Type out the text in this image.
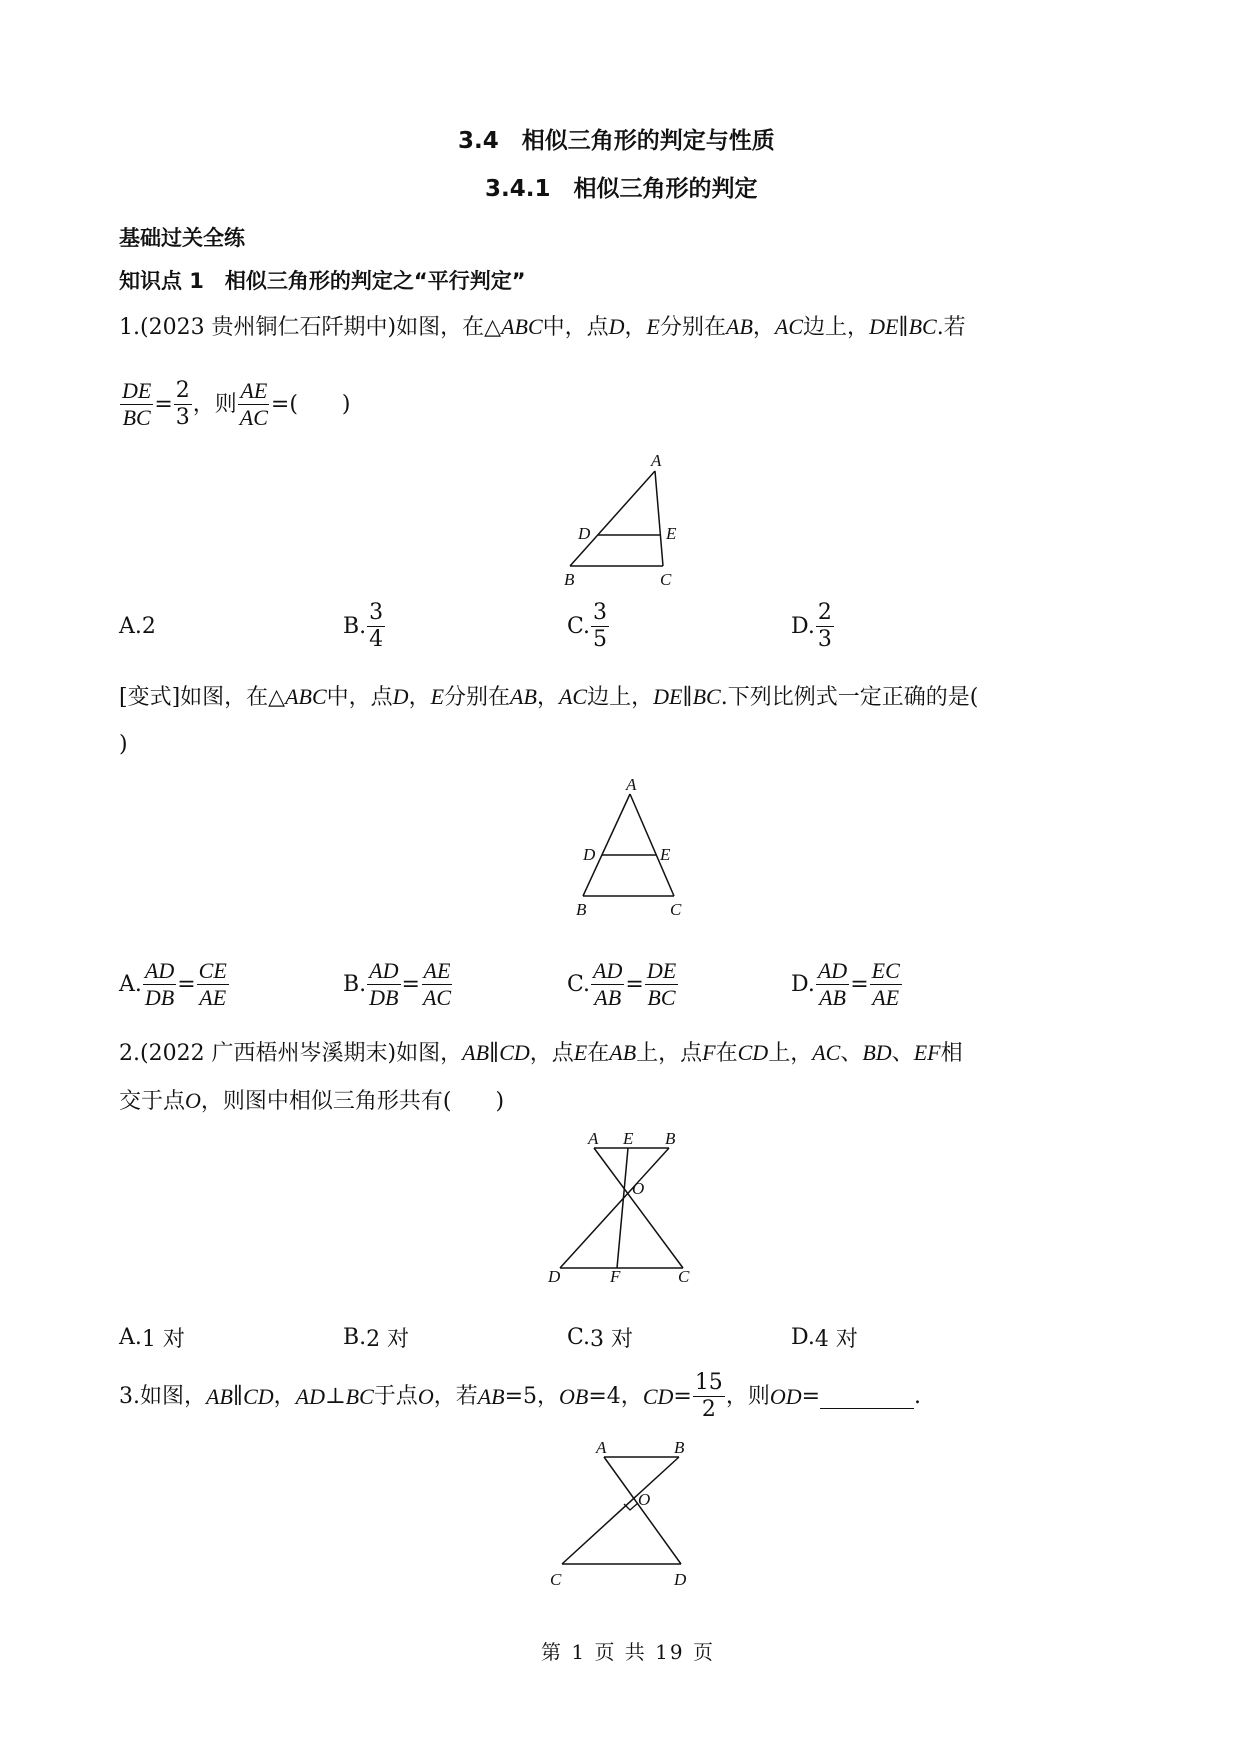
3.4　相似三角形的判定与性质
3.4.1　相似三角形的判定
基础过关全练
知识点 1　相似三角形的判定之“平行判定”
1.(2023 贵州铜仁石阡期中)如图，在△ABC中，点D，E分别在AB，AC边上，DE∥BC.若
$\frac{DE}{BC} = \frac{2}{3}$ ，则 $\frac{AE}{AC}$ =(　　)
A
D	E
B	C
A. 2	B. $\frac{3}{4}$	C. $\frac{3}{5}$	D. $\frac{2}{3}$
[变式]如图，在△ABC中，点D，E分别在AB，AC边上，DE∥BC.下列比例式一定正确的是(
)
A
D	E
B	C
A. $\frac{AD}{DB} = \frac{CE}{AE}$	B. $\frac{AD}{DB} = \frac{AE}{AC}$	C. $\frac{AD}{AB} = \frac{DE}{BC}$	D. $\frac{AD}{AB} = \frac{EC}{AE}$
2.(2022 广西梧州岑溪期末)如图，AB∥CD，点E在AB上，点F在CD上，AC、BD、EF相
交于点O，则图中相似三角形共有(　　)
A E B
O
D	F	C
A. 1 对	B. 2 对	C. 3 对	D. 4 对
3.如图， AB ∥ CD ， AD ⊥ BC 于点 O ，若 AB =5， OB =4， CD = $\frac{15}{2}$ ，则 OD =	.
A	B
O
C	D
第 1 页 共 19 页
